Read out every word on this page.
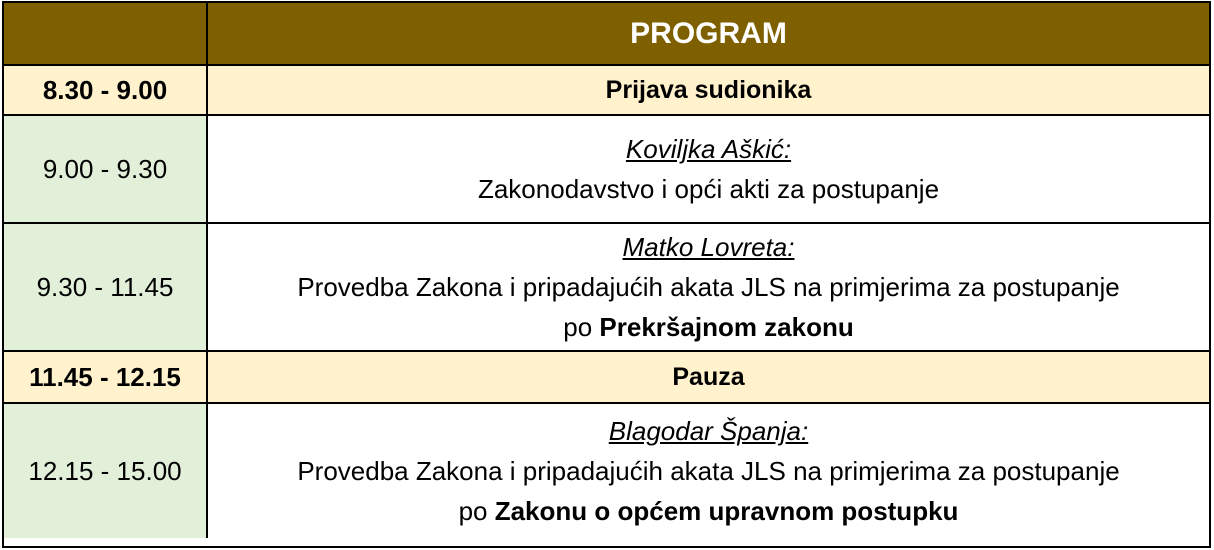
PROGRAM
8.30 - 9.00	Prijava sudionika
9.00 - 9.30
Koviljka Aškić:
Zakonodavstvo i opći akti za postupanje
9.30 - 11.45
Matko Lovreta:
Provedba Zakona i pripadajućih akata JLS na primjerima za postupanje
po Prekršajnom zakonu
11.45 - 12.15	Pauza
12.15 - 15.00
Blagodar Španja:
Provedba Zakona i pripadajućih akata JLS na primjerima za postupanje
po Zakonu o općem upravnom postupku
